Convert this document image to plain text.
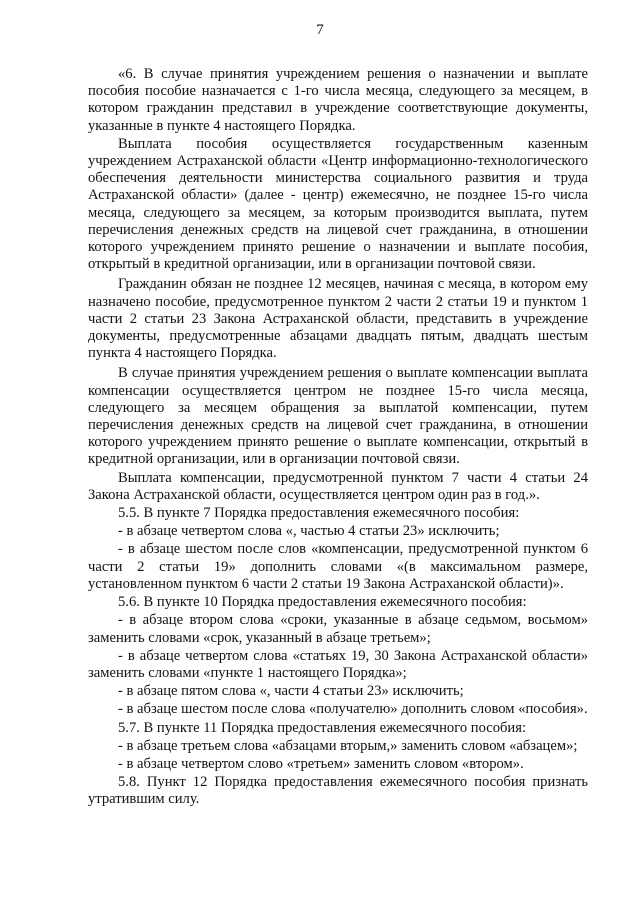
7

«6. В случае принятия учреждением решения о назначении и выплате пособия пособие назначается с 1-го числа месяца, следующего за месяцем, в котором гражданин представил в учреждение соответствующие документы, указанные в пункте 4 настоящего Порядка.

Выплата пособия осуществляется государственным казенным учреждением Астраханской области «Центр информационно-технологического обеспечения деятельности министерства социального развития и труда Астраханской области» (далее - центр) ежемесячно, не позднее 15-го числа месяца, следующего за месяцем, за которым производится выплата, путем перечисления денежных средств на лицевой счет гражданина, в отношении которого учреждением принято решение о назначении и выплате пособия, открытый в кредитной организации, или в организации почтовой связи.

Гражданин обязан не позднее 12 месяцев, начиная с месяца, в котором ему назначено пособие, предусмотренное пунктом 2 части 2 статьи 19 и пунктом 1 части 2 статьи 23 Закона Астраханской области, представить в учреждение документы, предусмотренные абзацами двадцать пятым, двадцать шестым пункта 4 настоящего Порядка.

В случае принятия учреждением решения о выплате компенсации выплата компенсации осуществляется центром не позднее 15-го числа месяца, следующего за месяцем обращения за выплатой компенсации, путем перечисления денежных средств на лицевой счет гражданина, в отношении которого учреждением принято решение о выплате компенсации, открытый в кредитной организации, или в организации почтовой связи.

Выплата компенсации, предусмотренной пунктом 7 части 4 статьи 24 Закона Астраханской области, осуществляется центром один раз в год.».

5.5. В пункте 7 Порядка предоставления ежемесячного пособия:

- в абзаце четвертом слова «, частью 4 статьи 23» исключить;

- в абзаце шестом после слов «компенсации, предусмотренной пунктом 6 части 2 статьи 19» дополнить словами «(в максимальном размере, установленном пунктом 6 части 2 статьи 19 Закона Астраханской области)».

5.6. В пункте 10 Порядка предоставления ежемесячного пособия:

- в абзаце втором слова «сроки, указанные в абзаце седьмом, восьмом» заменить словами «срок, указанный в абзаце третьем»;

- в абзаце четвертом слова «статьях 19, 30 Закона Астраханской области» заменить словами «пункте 1 настоящего Порядка»;

- в абзаце пятом слова «, части 4 статьи 23» исключить;

- в абзаце шестом после слова «получателю» дополнить словом «пособия».

5.7. В пункте 11 Порядка предоставления ежемесячного пособия:

- в абзаце третьем слова «абзацами вторым,» заменить словом «абзацем»;

- в абзаце четвертом слово «третьем» заменить словом «втором».

5.8. Пункт 12 Порядка предоставления ежемесячного пособия признать утратившим силу.
